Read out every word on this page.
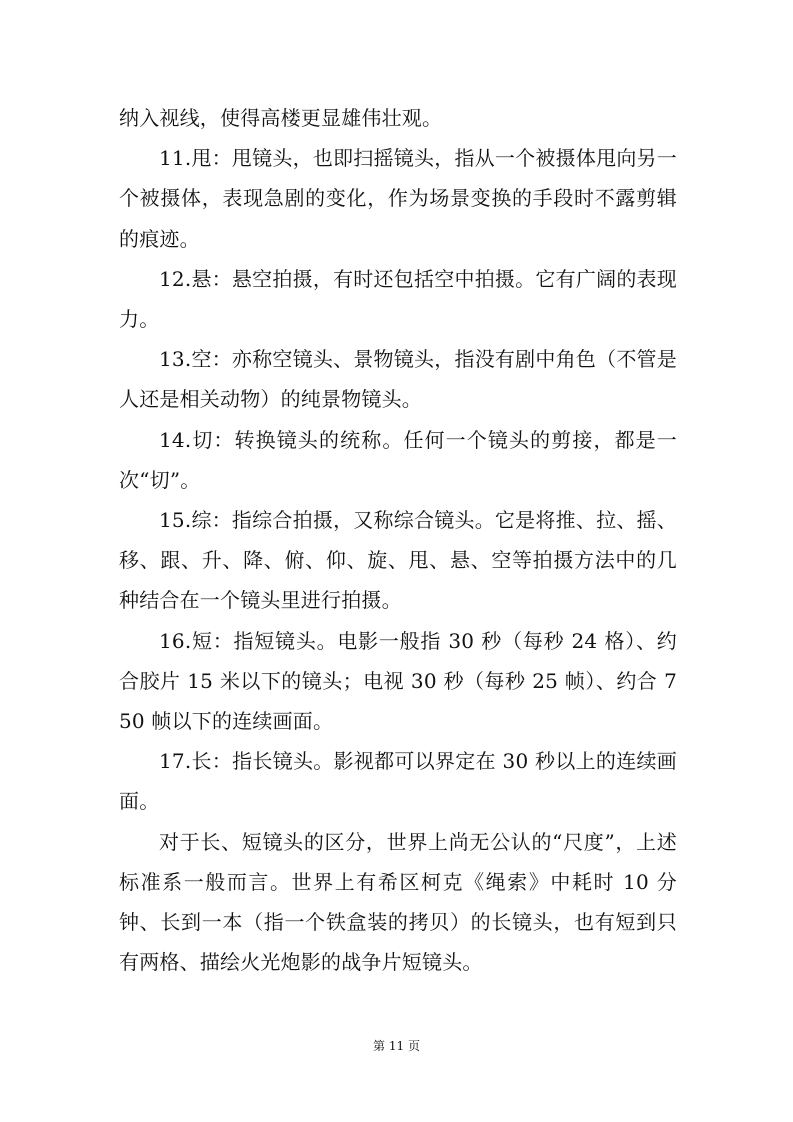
纳入视线，使得高楼更显雄伟壮观。

11.甩：甩镜头，也即扫摇镜头，指从一个被摄体甩向另一个被摄体，表现急剧的变化，作为场景变换的手段时不露剪辑的痕迹。

12.悬：悬空拍摄，有时还包括空中拍摄。它有广阔的表现力。

13.空：亦称空镜头、景物镜头，指没有剧中角色（不管是人还是相关动物）的纯景物镜头。

14.切：转换镜头的统称。任何一个镜头的剪接，都是一次“切”。

15.综：指综合拍摄，又称综合镜头。它是将推、拉、摇、移、跟、升、降、俯、仰、旋、甩、悬、空等拍摄方法中的几种结合在一个镜头里进行拍摄。

16.短：指短镜头。电影一般指 30 秒（每秒 24 格）、约合胶片 15 米以下的镜头；电视 30 秒（每秒 25 帧）、约合 750 帧以下的连续画面。

17.长：指长镜头。影视都可以界定在 30 秒以上的连续画面。

对于长、短镜头的区分，世界上尚无公认的“尺度”，上述标准系一般而言。世界上有希区柯克《绳索》中耗时 10 分钟、长到一本（指一个铁盒装的拷贝）的长镜头，也有短到只有两格、描绘火光炮影的战争片短镜头。

第 11 页
